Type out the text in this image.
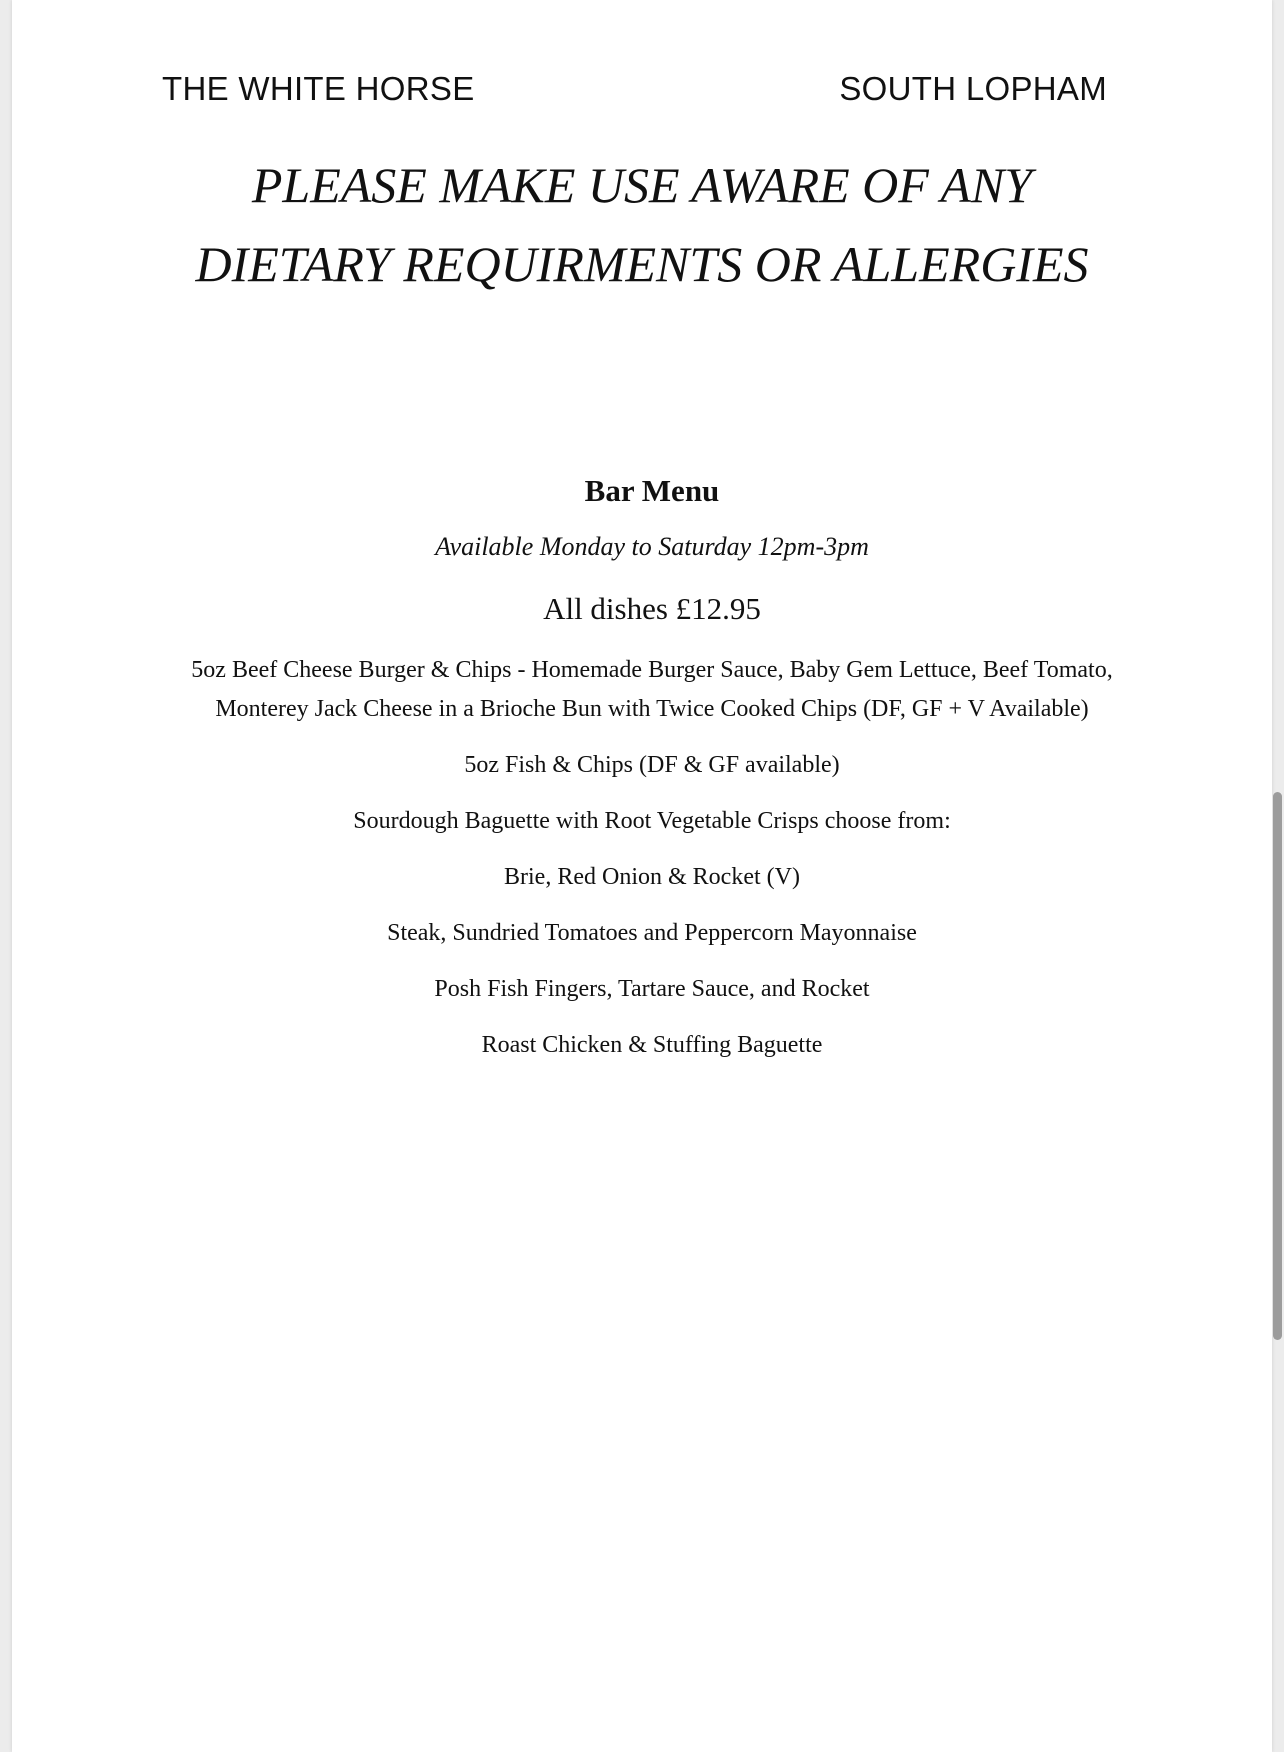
THE WHITE HORSE	SOUTH LOPHAM
PLEASE MAKE USE AWARE OF ANY
DIETARY REQUIRMENTS OR ALLERGIES
Bar Menu
Available Monday to Saturday 12pm-3pm
All dishes £12.95
5oz Beef Cheese Burger & Chips - Homemade Burger Sauce, Baby Gem Lettuce, Beef Tomato, Monterey Jack Cheese in a Brioche Bun with Twice Cooked Chips (DF, GF + V Available)
5oz Fish & Chips (DF & GF available)
Sourdough Baguette with Root Vegetable Crisps choose from:
Brie, Red Onion & Rocket (V)
Steak, Sundried Tomatoes and Peppercorn Mayonnaise
Posh Fish Fingers, Tartare Sauce, and Rocket
Roast Chicken & Stuffing Baguette
